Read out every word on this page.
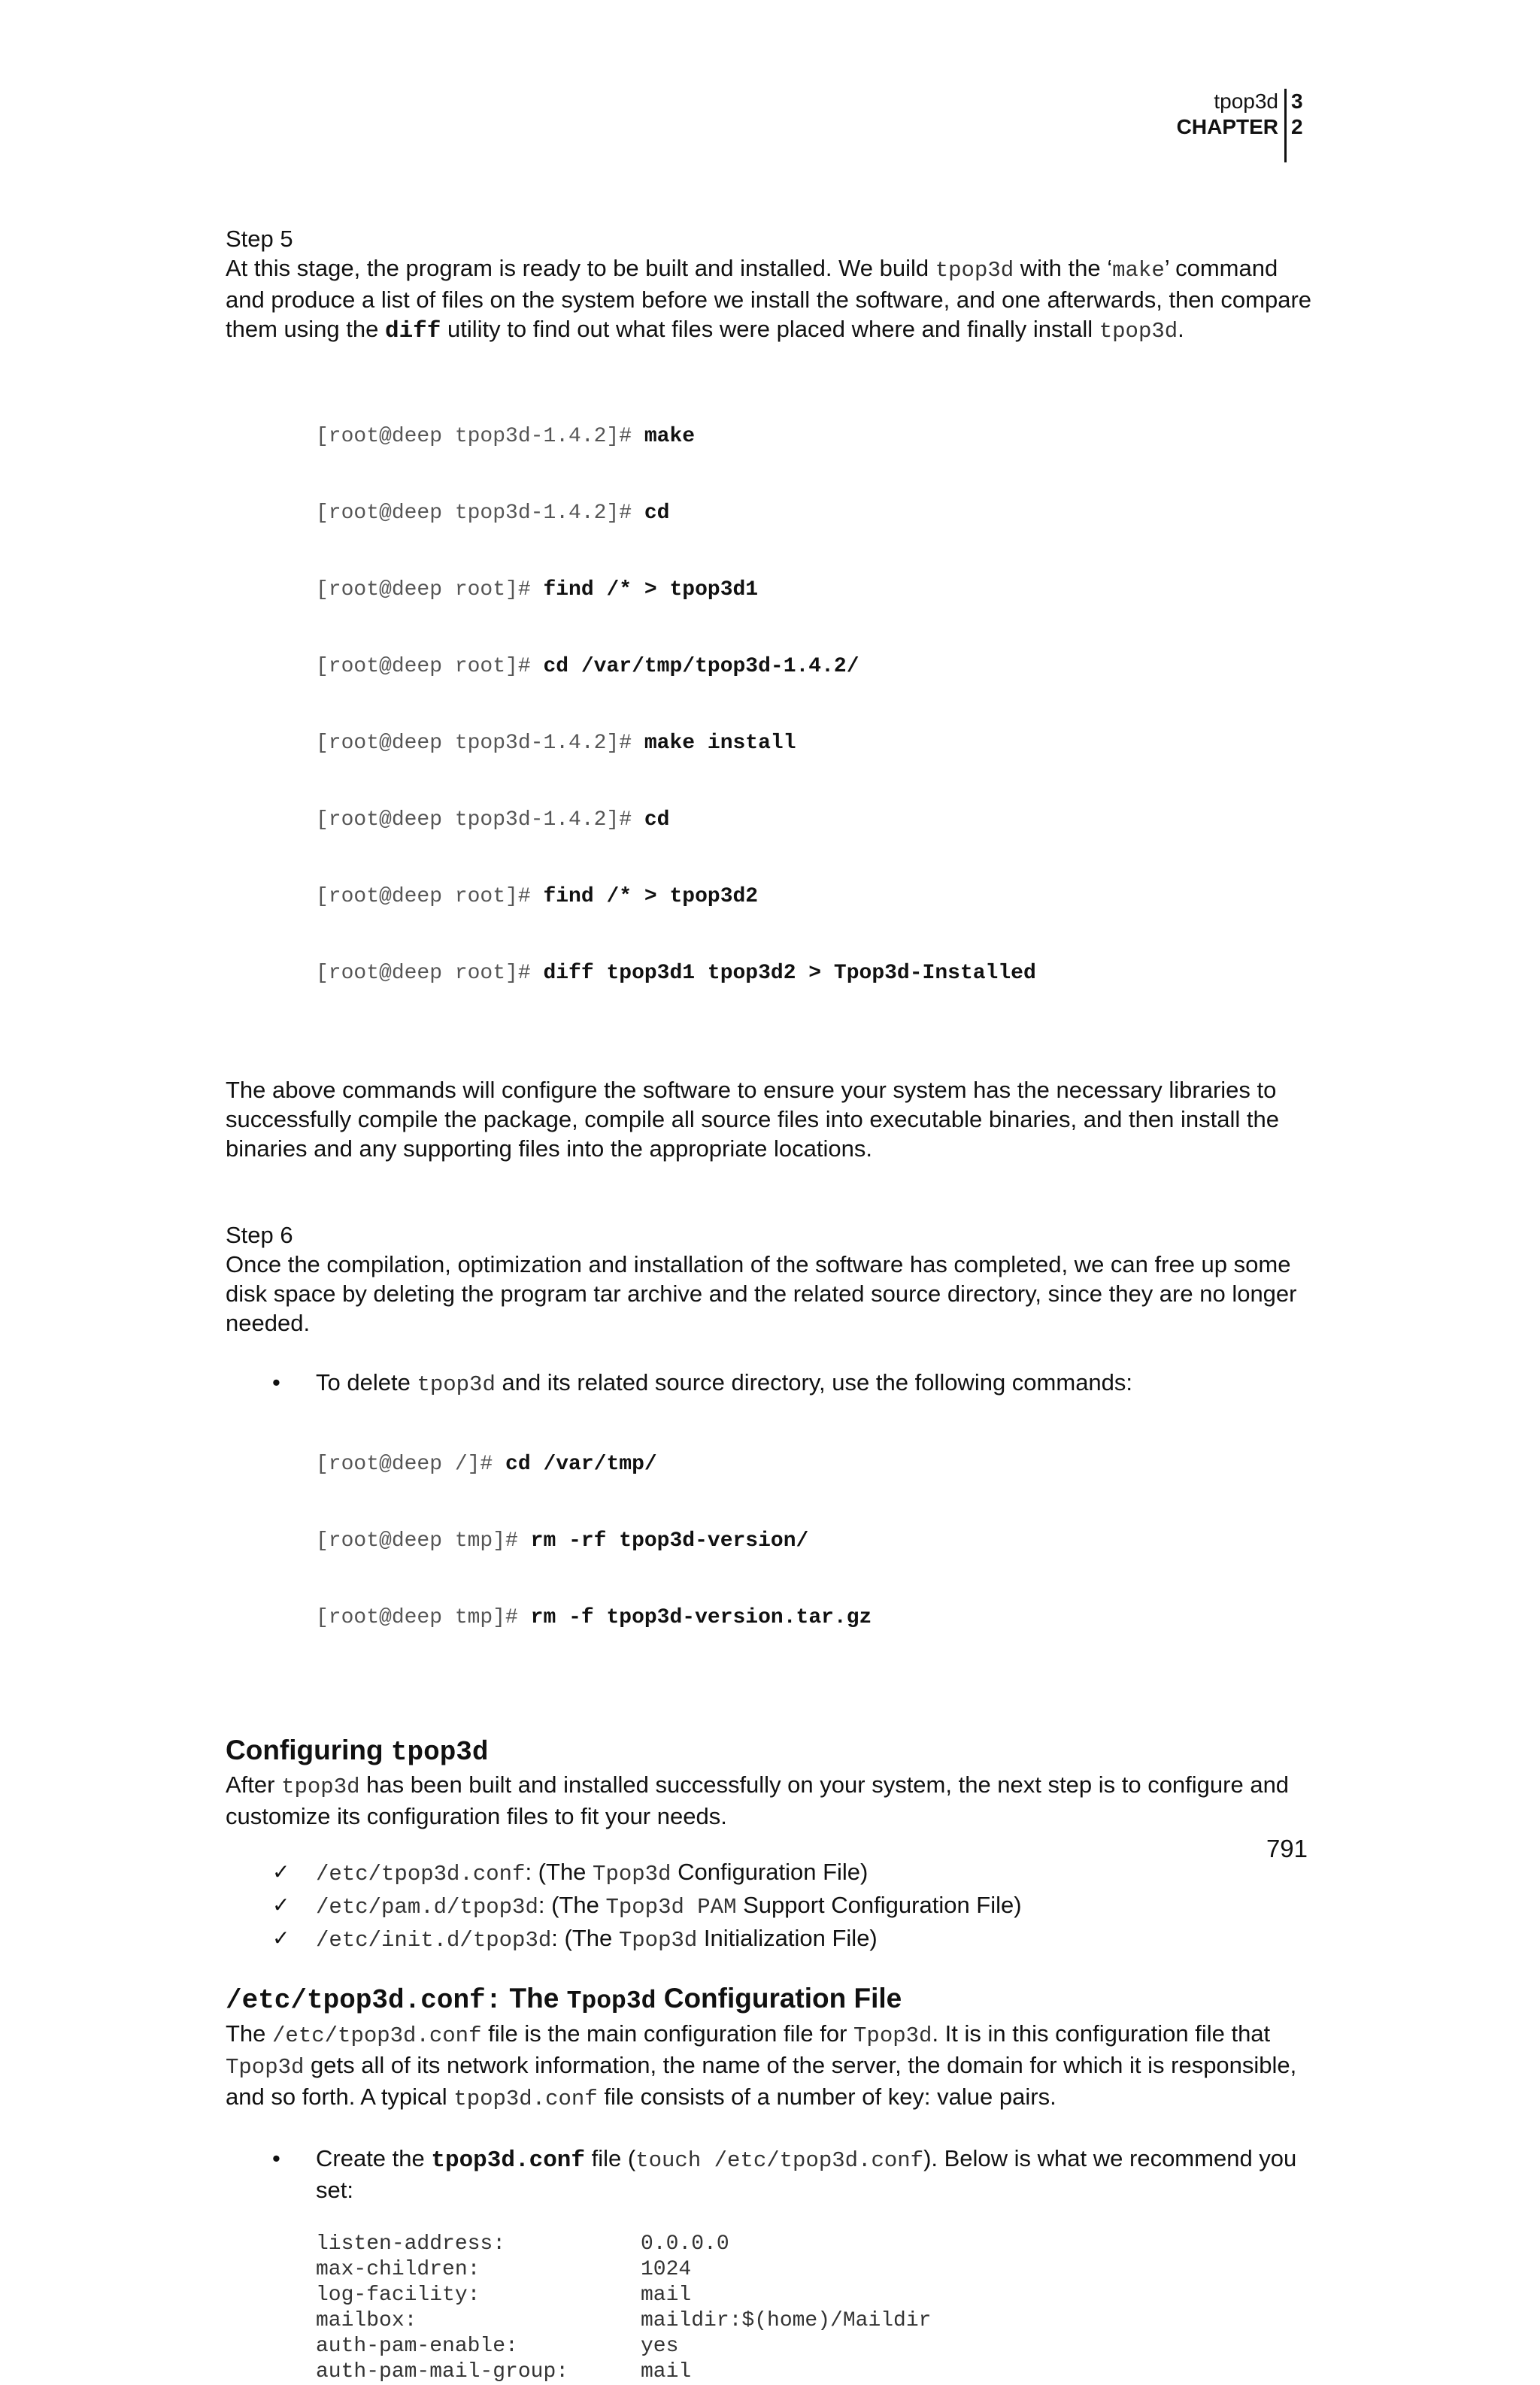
tpop3d 3
CHAPTER 2

Step 5

At this stage, the program is ready to be built and installed. We build tpop3d with the ‘make’ command and produce a list of files on the system before we install the software, and one afterwards, then compare them using the diff utility to find out what files were placed where and finally install tpop3d.

[root@deep tpop3d-1.4.2]# make

[root@deep tpop3d-1.4.2]# cd

[root@deep root]# find /* > tpop3d1

[root@deep root]# cd /var/tmp/tpop3d-1.4.2/

[root@deep tpop3d-1.4.2]# make install

[root@deep tpop3d-1.4.2]# cd

[root@deep root]# find /* > tpop3d2

[root@deep root]# diff tpop3d1 tpop3d2 > Tpop3d-Installed

The above commands will configure the software to ensure your system has the necessary libraries to successfully compile the package, compile all source files into executable binaries, and then install the binaries and any supporting files into the appropriate locations.

Step 6

Once the compilation, optimization and installation of the software has completed, we can free up some disk space by deleting the program tar archive and the related source directory, since they are no longer needed.

• To delete tpop3d and its related source directory, use the following commands:

[root@deep /]# cd /var/tmp/

[root@deep tmp]# rm -rf tpop3d-version/

[root@deep tmp]# rm -f tpop3d-version.tar.gz

Configuring tpop3d

After tpop3d has been built and installed successfully on your system, the next step is to configure and customize its configuration files to fit your needs.

✓ /etc/tpop3d.conf: (The Tpop3d Configuration File)
✓ /etc/pam.d/tpop3d: (The Tpop3d PAM Support Configuration File)
✓ /etc/init.d/tpop3d: (The Tpop3d Initialization File)
/etc/tpop3d.conf: The Tpop3d Configuration File

The /etc/tpop3d.conf file is the main configuration file for Tpop3d. It is in this configuration file that Tpop3d gets all of its network information, the name of the server, the domain for which it is responsible, and so forth. A typical tpop3d.conf file consists of a number of key: value pairs.

• Create the tpop3d.conf file (touch /etc/tpop3d.conf). Below is what we recommend you set:
listen-address:	0.0.0.0
max-children:	1024
log-facility:	mail
mailbox:	maildir:$(home)/Maildir
auth-pam-enable:	yes
auth-pam-mail-group:	mail
791
